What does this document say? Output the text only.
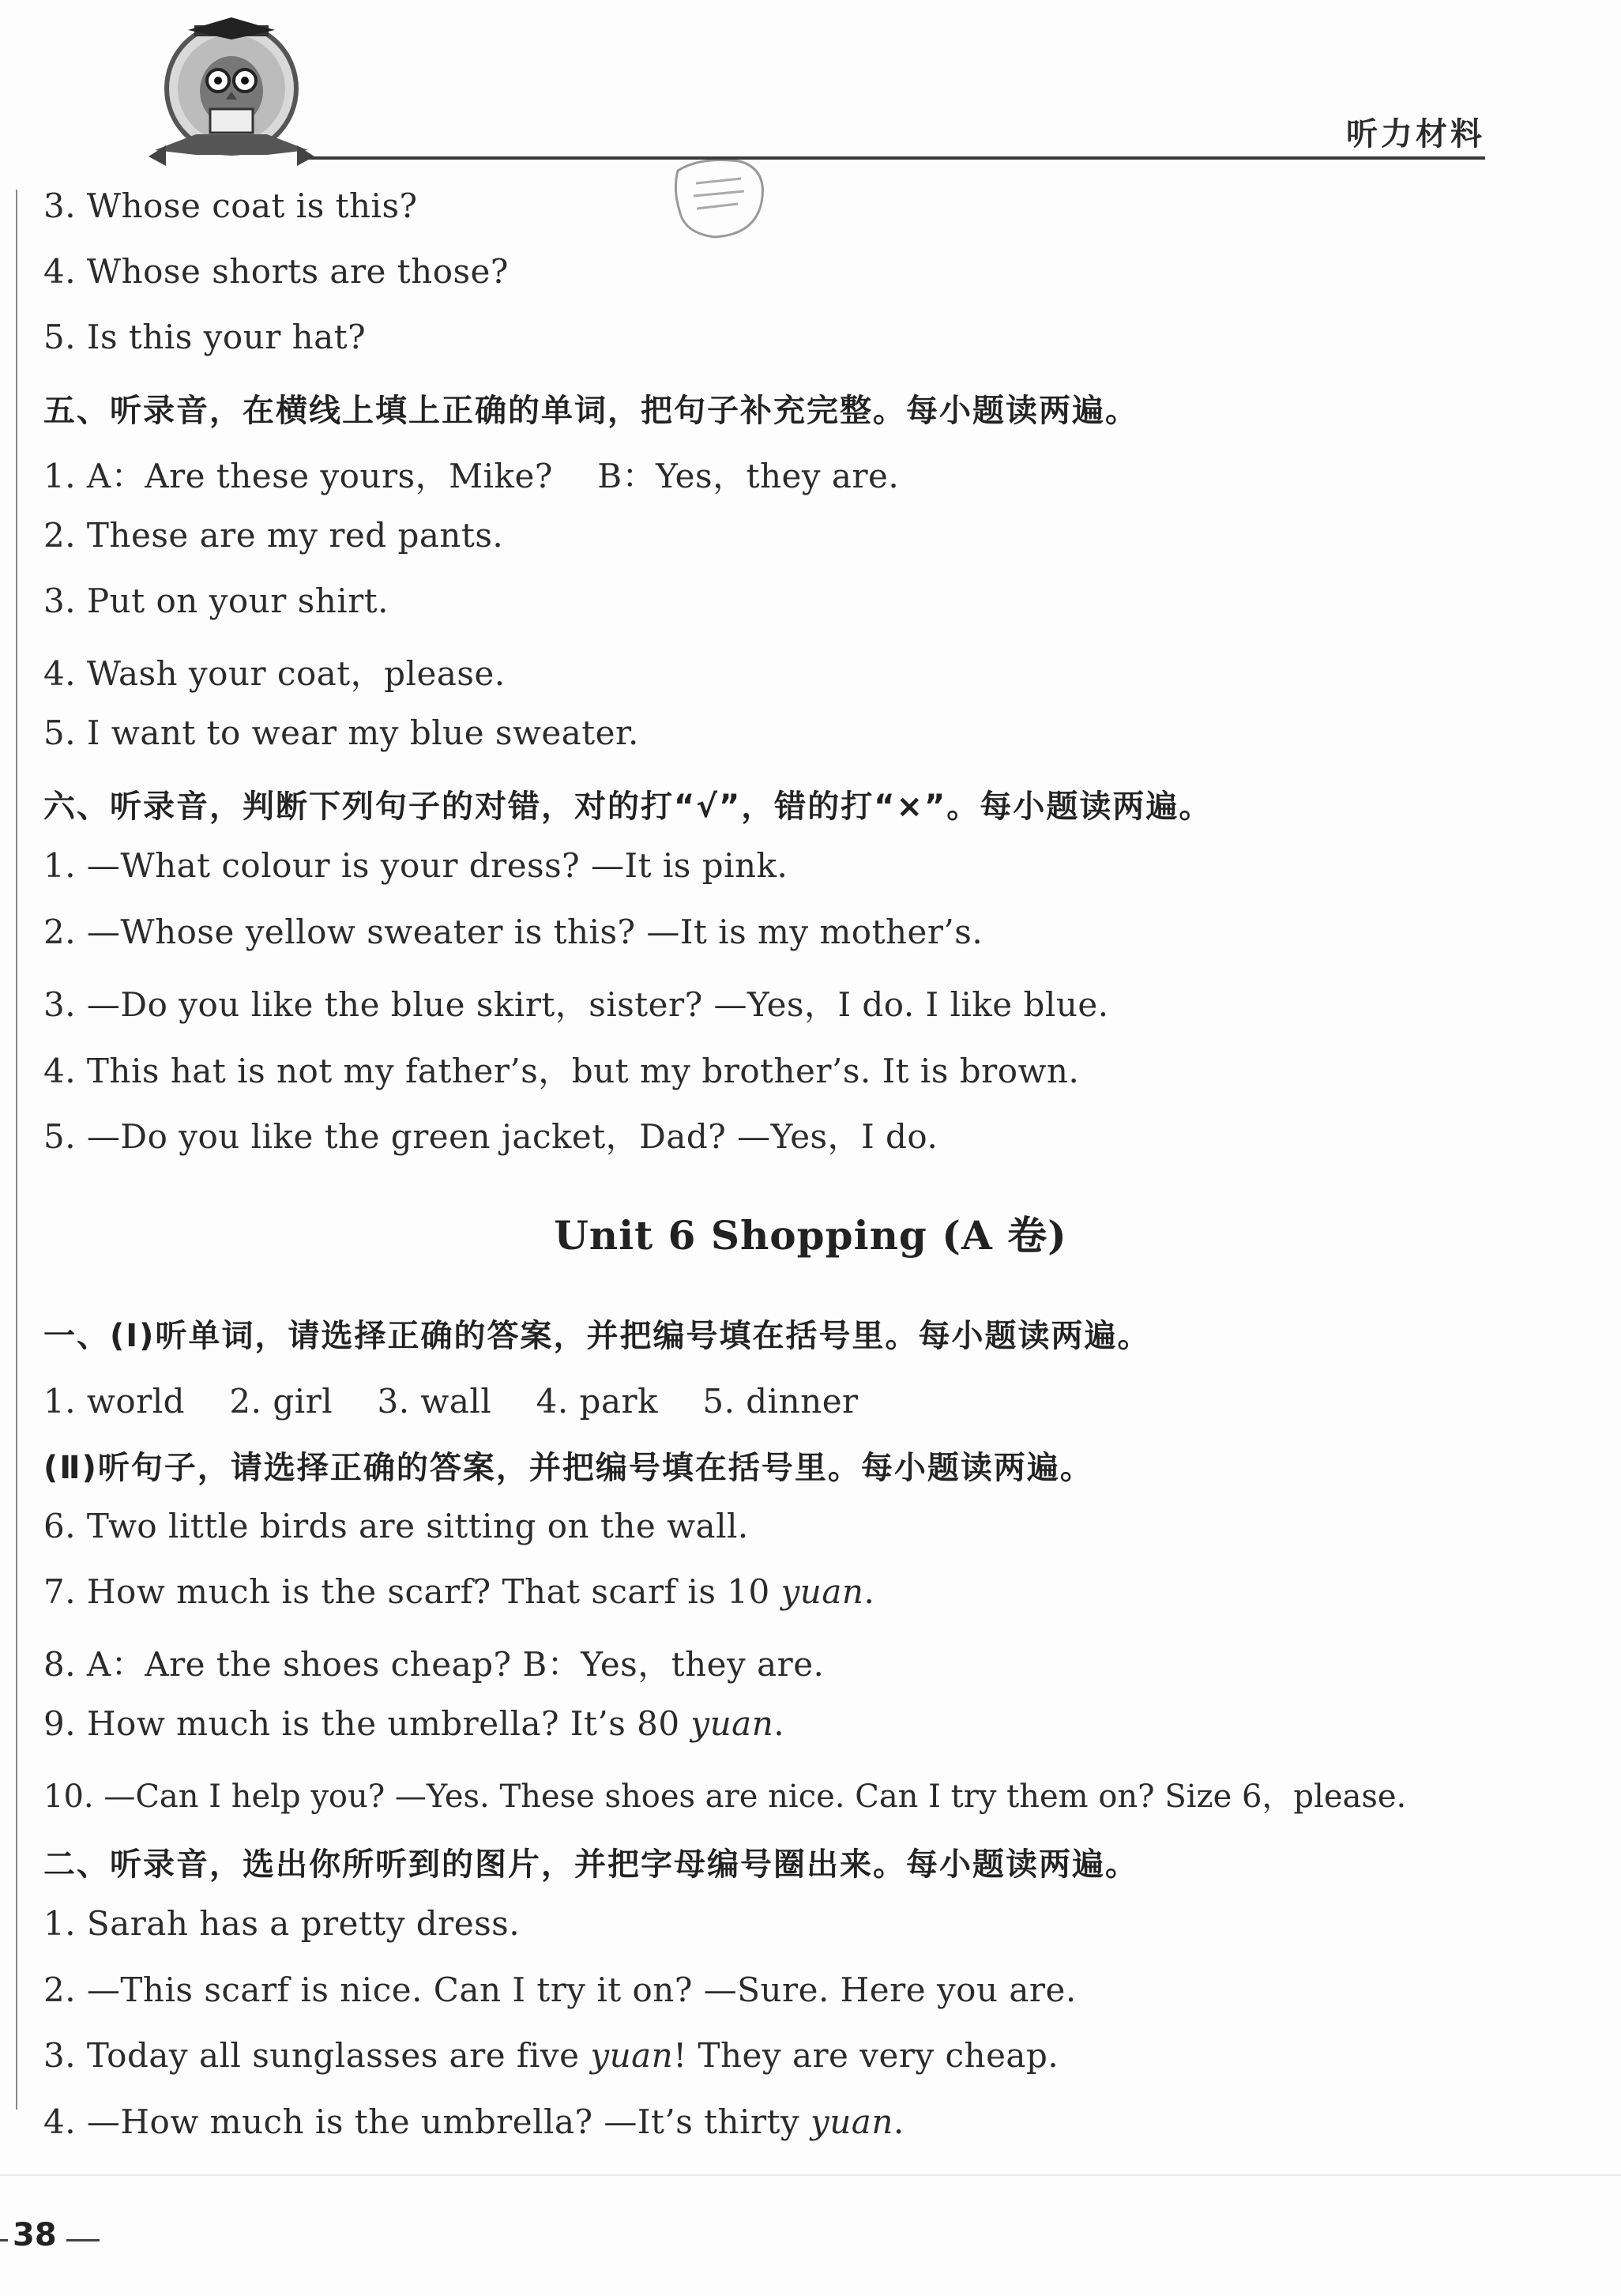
听力材料
3. Whose coat is this?
4. Whose shorts are those?
5. Is this your hat?
五、听录音，在横线上填上正确的单词，把句子补充完整。每小题读两遍。
1. A：Are these yours，Mike?　 B：Yes，they are.
2. These are my red pants.
3. Put on your shirt.
4. Wash your coat，please.
5. I want to wear my blue sweater.
六、听录音，判断下列句子的对错，对的打“√”，错的打“×”。每小题读两遍。
1. —What colour is your dress? —It is pink.
2. —Whose yellow sweater is this? —It is my mother’s.
3. —Do you like the blue skirt，sister? —Yes，I do. I like blue.
4. This hat is not my father’s，but my brother’s. It is brown.
5. —Do you like the green jacket，Dad? —Yes，I do.
Unit 6 Shopping (A 卷)
一、(Ⅰ)听单词，请选择正确的答案，并把编号填在括号里。每小题读两遍。
1. world　 2. girl　 3. wall　 4. park　 5. dinner
(Ⅱ)听句子，请选择正确的答案，并把编号填在括号里。每小题读两遍。
6. Two little birds are sitting on the wall.
7. How much is the scarf? That scarf is 10 yuan.
8. A：Are the shoes cheap? B：Yes，they are.
9. How much is the umbrella? It’s 80 yuan.
10. —Can I help you? —Yes. These shoes are nice. Can I try them on? Size 6，please.
二、听录音，选出你所听到的图片，并把字母编号圈出来。每小题读两遍。
1. Sarah has a pretty dress.
2. —This scarf is nice. Can I try it on? —Sure. Here you are.
3. Today all sunglasses are five yuan! They are very cheap.
4. —How much is the umbrella? —It’s thirty yuan.
38
